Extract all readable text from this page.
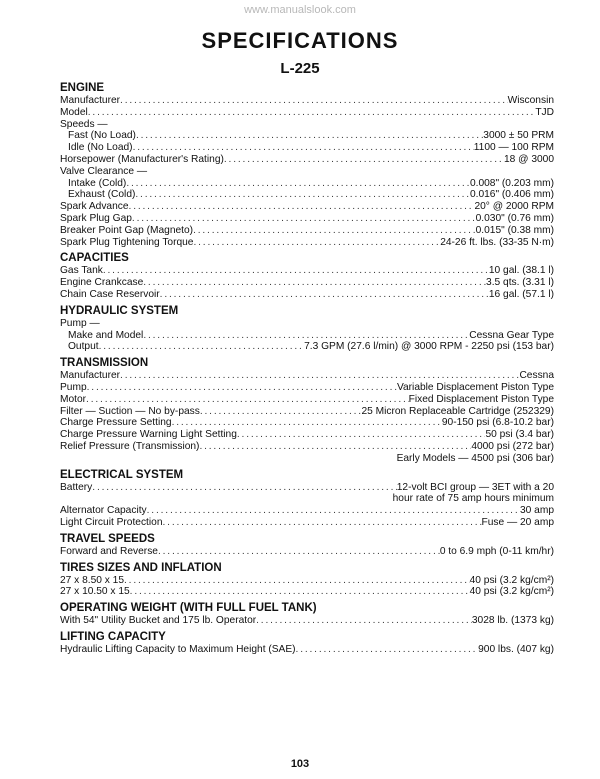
www.manualslook.com
SPECIFICATIONS
L-225
ENGINE
Manufacturer . . .	Wisconsin
Model . . .	TJD
Speeds —
Fast (No Load) . . .	3000 ± 50 PRM
Idle (No Load) . . .	1100 — 100 RPM
Horsepower (Manufacturer's Rating) . . .	18 @ 3000
Valve Clearance —
Intake (Cold) . . .	0.008" (0.203 mm)
Exhaust (Cold) . . .	0.016" (0.406 mm)
Spark Advance . . .	20° @ 2000 RPM
Spark Plug Gap . . .	0.030" (0.76 mm)
Breaker Point Gap (Magneto) . . .	0.015" (0.38 mm)
Spark Plug Tightening Torque . . .	24-26 ft. lbs. (33-35 N·m)
CAPACITIES
Gas Tank . . .	10 gal. (38.1 l)
Engine Crankcase . . .	3.5 qts. (3.31 l)
Chain Case Reservoir . . .	16 gal. (57.1 l)
HYDRAULIC SYSTEM
Pump —
Make and Model . . .	Cessna Gear Type
Output . . .	7.3 GPM (27.6 l/min) @ 3000 RPM - 2250 psi (153 bar)
TRANSMISSION
Manufacturer . . .	Cessna
Pump . . .	Variable Displacement Piston Type
Motor . . .	Fixed Displacement Piston Type
Filter — Suction — No by-pass . . .	25 Micron Replaceable Cartridge (252329)
Charge Pressure Setting . . .	90-150 psi (6.8-10.2 bar)
Charge Pressure Warning Light Setting . . .	50 psi (3.4 bar)
Relief Pressure (Transmission) . . .	4000 psi (272 bar)
Early Models — 4500 psi (306 bar)
ELECTRICAL SYSTEM
Battery . . .	12-volt BCI group — 3ET with a 20
hour rate of 75 amp hours minimum
Alternator Capacity . . .	30 amp
Light Circuit Protection . . .	Fuse — 20 amp
TRAVEL SPEEDS
Forward and Reverse . . .	0 to 6.9 mph (0-11 km/hr)
TIRES SIZES AND INFLATION
27 x 8.50 x 15 . . .	40 psi (3.2 kg/cm²)
27 x 10.50 x 15 . . .	40 psi (3.2 kg/cm²)
OPERATING WEIGHT (WITH FULL FUEL TANK)
With 54" Utility Bucket and 175 lb. Operator . . .	3028 lb. (1373 kg)
LIFTING CAPACITY
Hydraulic Lifting Capacity to Maximum Height (SAE) . . .	900 lbs. (407 kg)
103
